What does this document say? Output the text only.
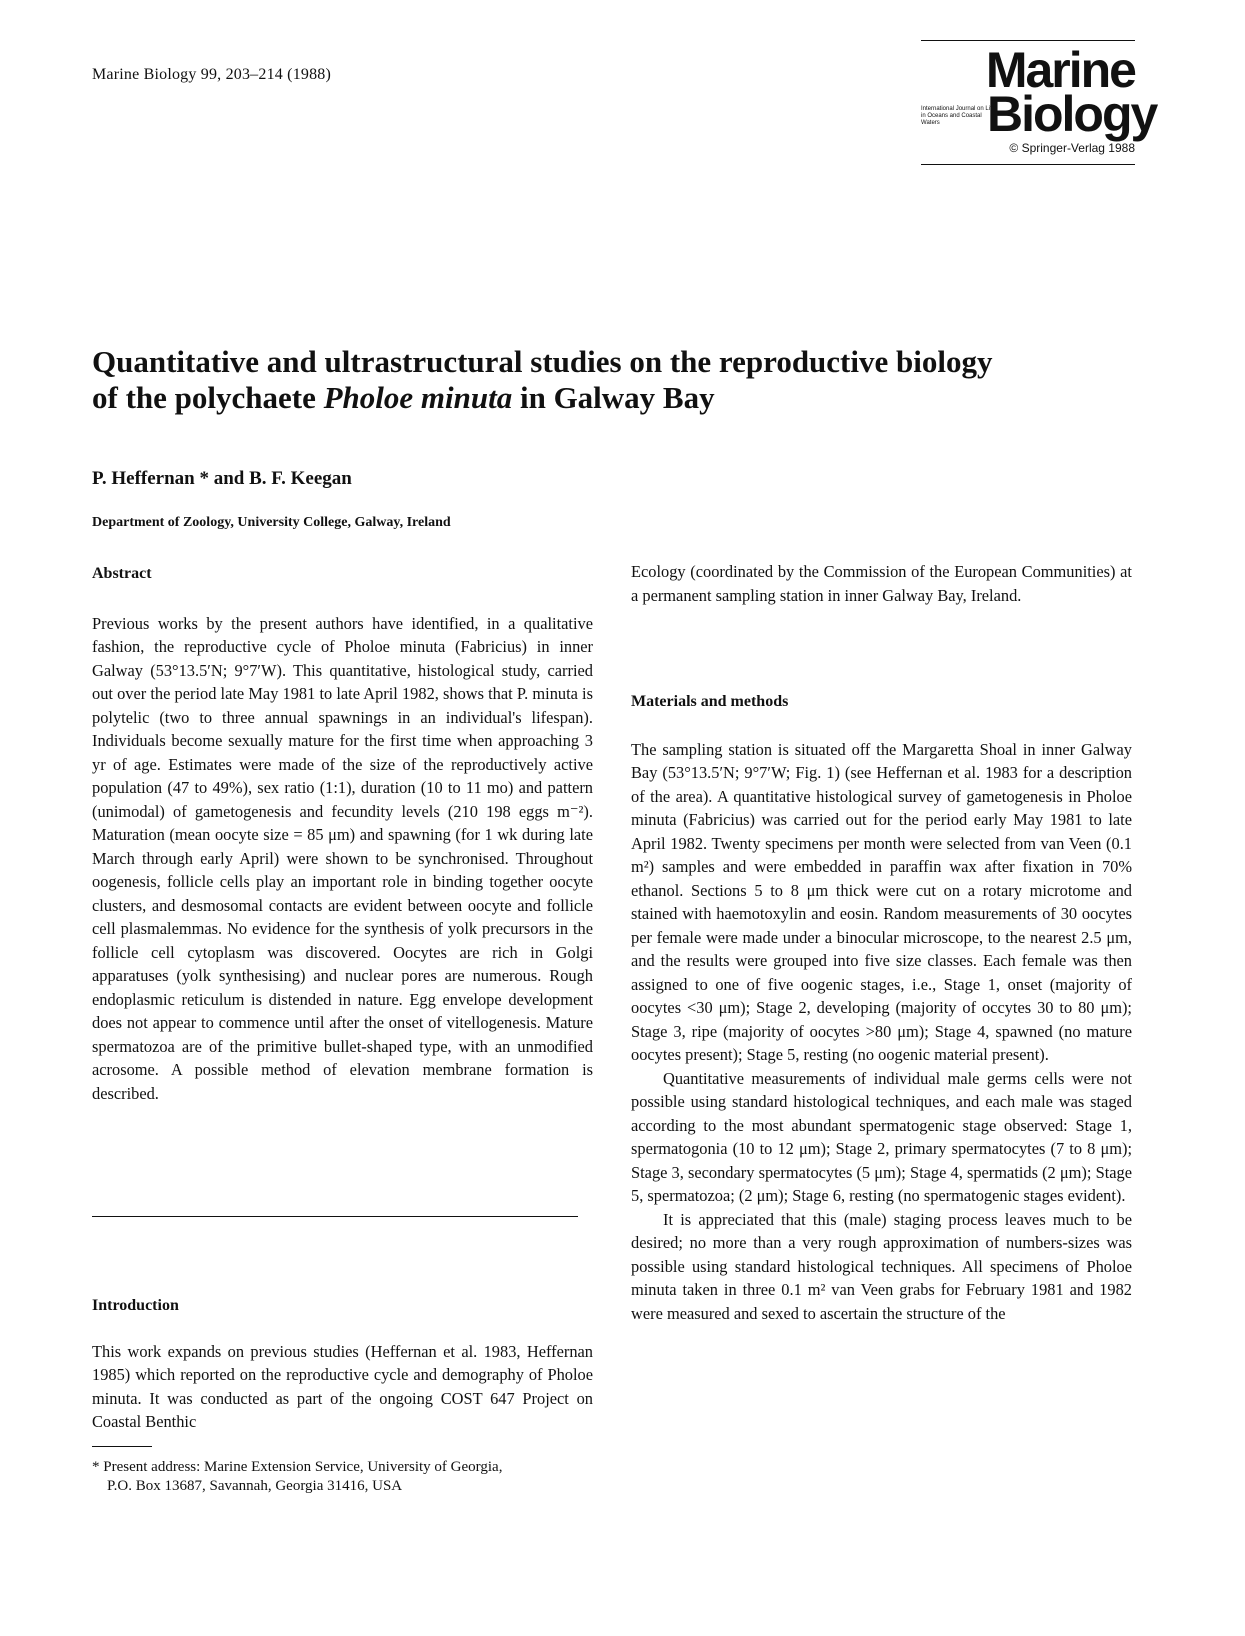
Marine Biology 99, 203–214 (1988)	Marine
International Journal on Life in Oceans and Coastal Waters Biology
© Springer-Verlag 1988
Quantitative and ultrastructural studies on the reproductive biology
of the polychaete Pholoe minuta in Galway Bay
P. Heffernan * and B. F. Keegan
Department of Zoology, University College, Galway, Ireland
Abstract

Previous works by the present authors have identified, in a qualitative fashion, the reproductive cycle of Pholoe minuta (Fabricius) in inner Galway (53°13.5′N; 9°7′W). This quantitative, histological study, carried out over the period late May 1981 to late April 1982, shows that P. minuta is polytelic (two to three annual spawnings in an individual's lifespan). Individuals become sexually mature for the first time when approaching 3 yr of age. Estimates were made of the size of the reproductively active population (47 to 49%), sex ratio (1:1), duration (10 to 11 mo) and pattern (unimodal) of gametogenesis and fecundity levels (210 198 eggs m⁻²). Maturation (mean oocyte size = 85 μm) and spawning (for 1 wk during late March through early April) were shown to be synchronised. Throughout oogenesis, follicle cells play an important role in binding together oocyte clusters, and desmosomal contacts are evident between oocyte and follicle cell plasmalemmas. No evidence for the synthesis of yolk precursors in the follicle cell cytoplasm was discovered. Oocytes are rich in Golgi apparatuses (yolk synthesising) and nuclear pores are numerous. Rough endoplasmic reticulum is distended in nature. Egg envelope development does not appear to commence until after the onset of vitellogenesis. Mature spermatozoa are of the primitive bullet-shaped type, with an unmodified acrosome. A possible method of elevation membrane formation is described.

Introduction

This work expands on previous studies (Heffernan et al. 1983, Heffernan 1985) which reported on the reproductive cycle and demography of Pholoe minuta. It was conducted as part of the ongoing COST 647 Project on Coastal Benthic

* Present address: Marine Extension Service, University of Georgia,
P.O. Box 13687, Savannah, Georgia 31416, USA

Ecology (coordinated by the Commission of the European Communities) at a permanent sampling station in inner Galway Bay, Ireland.

Materials and methods

The sampling station is situated off the Margaretta Shoal in inner Galway Bay (53°13.5′N; 9°7′W; Fig. 1) (see Heffernan et al. 1983 for a description of the area). A quantitative histological survey of gametogenesis in Pholoe minuta (Fabricius) was carried out for the period early May 1981 to late April 1982. Twenty specimens per month were selected from van Veen (0.1 m²) samples and were embedded in paraffin wax after fixation in 70% ethanol. Sections 5 to 8 μm thick were cut on a rotary microtome and stained with haemotoxylin and eosin. Random measurements of 30 oocytes per female were made under a binocular microscope, to the nearest 2.5 μm, and the results were grouped into five size classes. Each female was then assigned to one of five oogenic stages, i.e., Stage 1, onset (majority of oocytes <30 μm); Stage 2, developing (majority of occytes 30 to 80 μm); Stage 3, ripe (majority of oocytes >80 μm); Stage 4, spawned (no mature oocytes present); Stage 5, resting (no oogenic material present).

Quantitative measurements of individual male germs cells were not possible using standard histological techniques, and each male was staged according to the most abundant spermatogenic stage observed: Stage 1, spermatogonia (10 to 12 μm); Stage 2, primary spermatocytes (7 to 8 μm); Stage 3, secondary spermatocytes (5 μm); Stage 4, spermatids (2 μm); Stage 5, spermatozoa; (2 μm); Stage 6, resting (no spermatogenic stages evident).

It is appreciated that this (male) staging process leaves much to be desired; no more than a very rough approximation of numbers-sizes was possible using standard histological techniques. All specimens of Pholoe minuta taken in three 0.1 m² van Veen grabs for February 1981 and 1982 were measured and sexed to ascertain the structure of the
